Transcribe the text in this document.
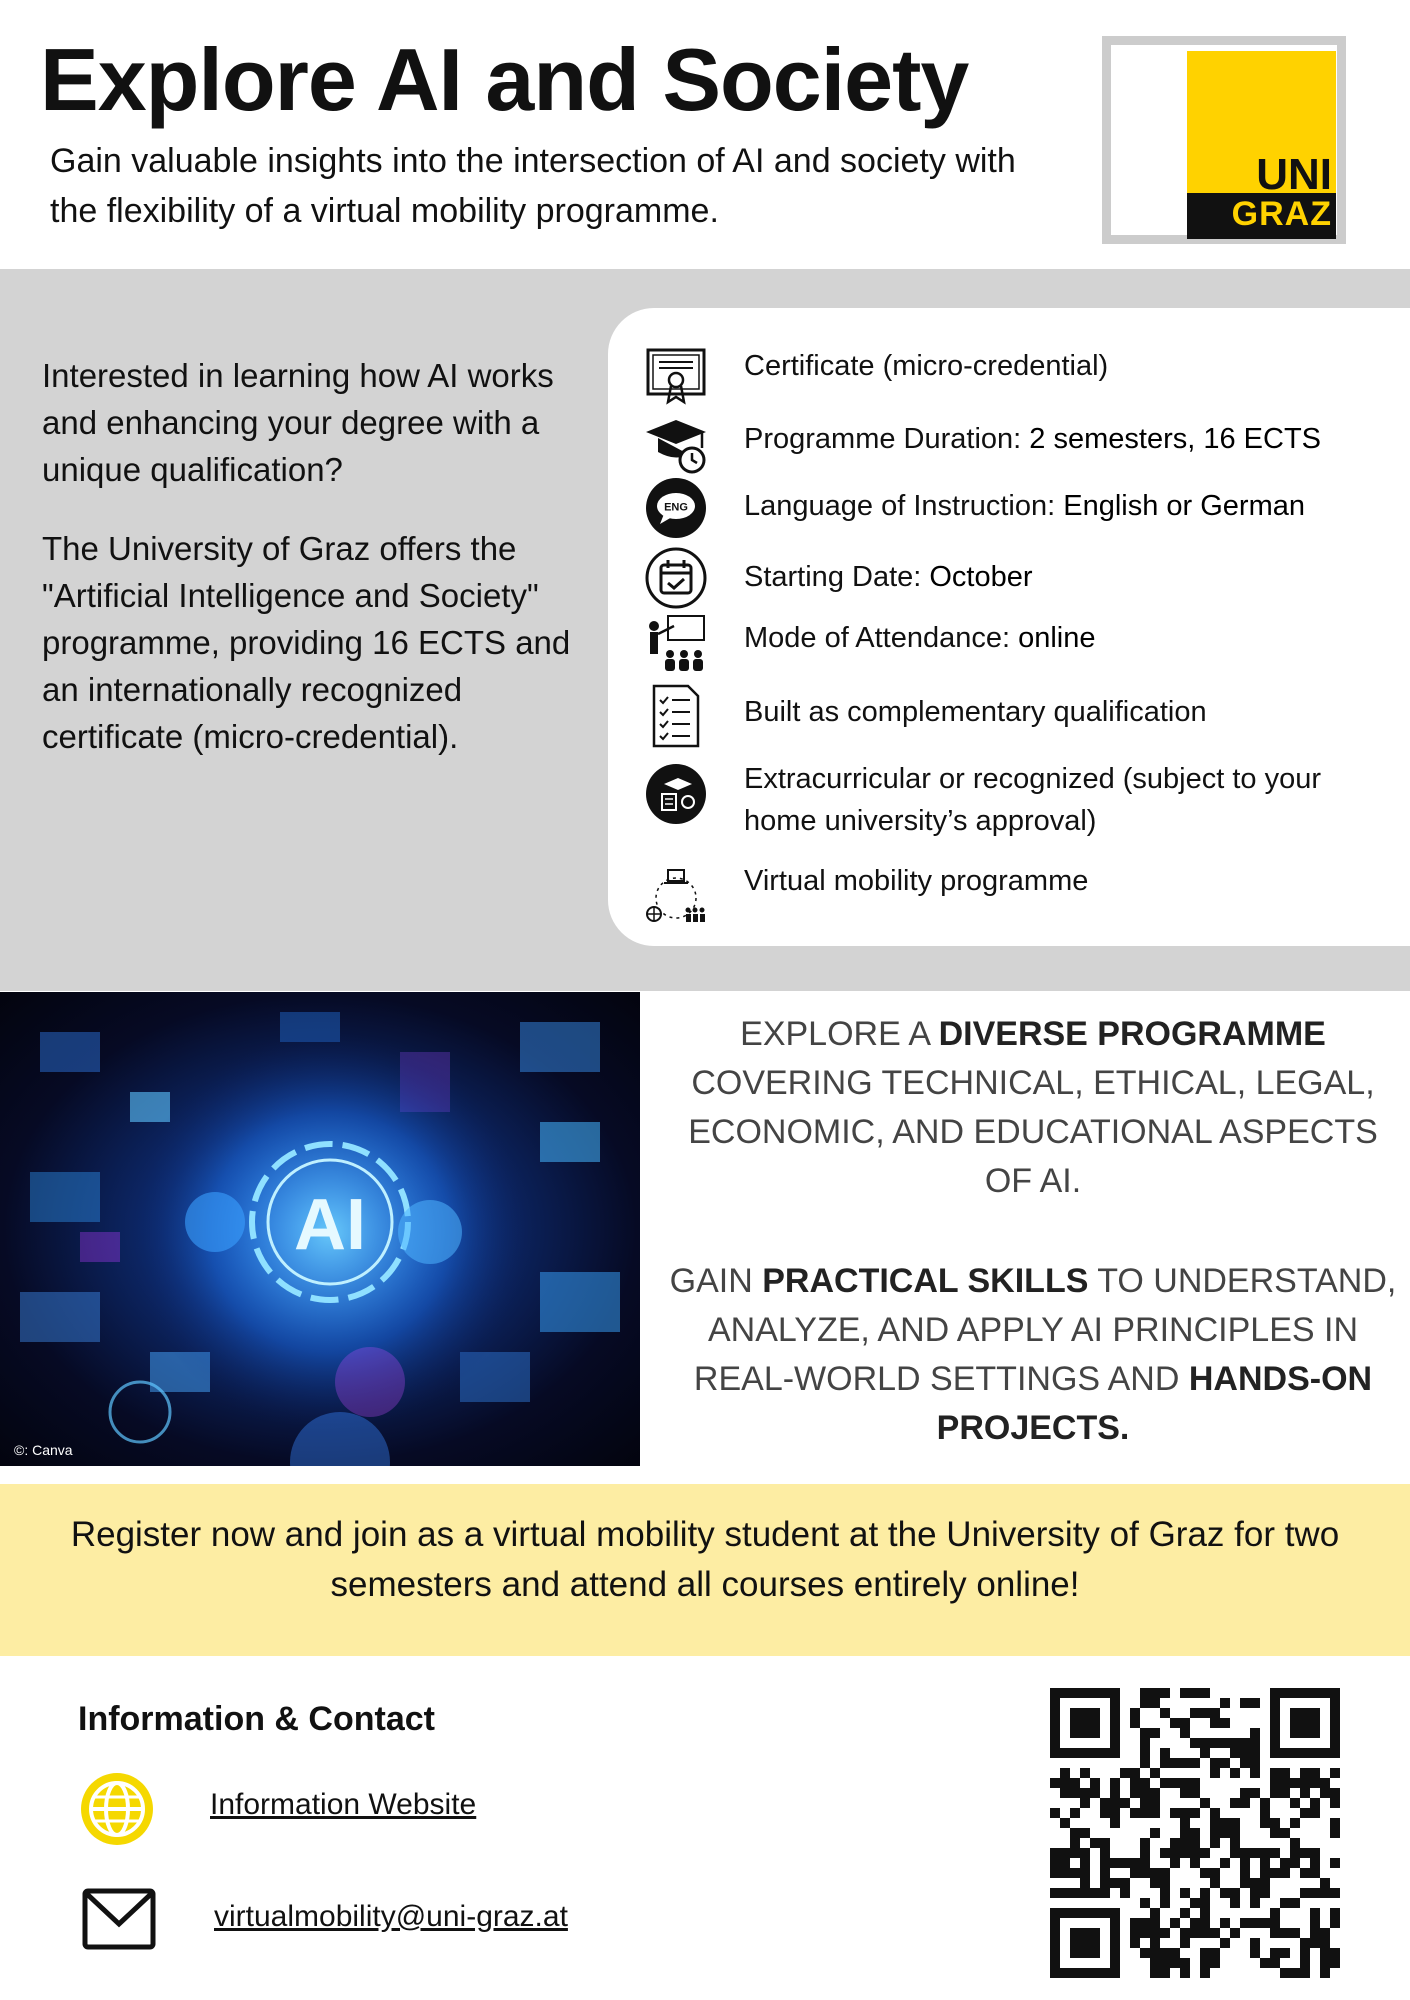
Explore AI and Society
Gain valuable insights into the intersection of AI and society with the flexibility of a virtual mobility programme.
UNI
GRAZ

Interested in learning how AI works and enhancing your degree with a unique qualification?

The University of Graz offers the "Artificial Intelligence and Society" programme, providing 16 ECTS and an internationally recognized certificate (micro-credential).

Certificate (micro-credential)
Programme Duration: 2 semesters, 16 ECTS
ENG Language of Instruction: English or German
Starting Date: October
Mode of Attendance: online
Built as complementary qualification
Extracurricular or recognized (subject to your home university’s approval)
Virtual mobility programme
AI
©: Canva

EXPLORE A DIVERSE PROGRAMME COVERING TECHNICAL, ETHICAL, LEGAL, ECONOMIC, AND EDUCATIONAL ASPECTS OF AI.

GAIN PRACTICAL SKILLS TO UNDERSTAND, ANALYZE, AND APPLY AI PRINCIPLES IN REAL-WORLD SETTINGS AND HANDS-ON PROJECTS.

Register now and join as a virtual mobility student at the University of Graz for two semesters and attend all courses entirely online!
Information & Contact
Information Website
virtualmobility@uni-graz.at
